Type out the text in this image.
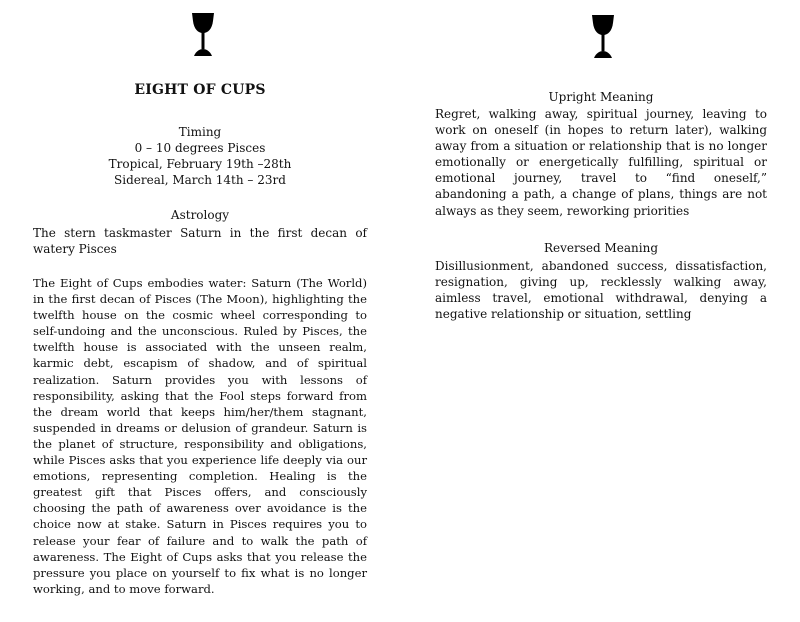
EIGHT OF CUPS
Timing
0 – 10 degrees Pisces
Tropical, February 19th –28th
Sidereal, March 14th – 23rd
Astrology

The stern taskmaster Saturn in the first decan of watery Pisces

The Eight of Cups embodies water: Saturn (The World) in the first decan of Pisces (The Moon), highlighting the twelfth house on the cosmic wheel corresponding to self-undoing and the unconscious. Ruled by Pisces, the twelfth house is associated with the unseen realm, karmic debt, escapism of shadow, and of spiritual realization. Saturn provides you with lessons of responsibility, asking that the Fool steps forward from the dream world that keeps him/her/them stagnant, suspended in dreams or delusion of grandeur. Saturn is the planet of structure, responsibility and obligations, while Pisces asks that you experience life deeply via our emotions, representing completion. Healing is the greatest gift that Pisces offers, and consciously choosing the path of awareness over avoidance is the choice now at stake. Saturn in Pisces requires you to release your fear of failure and to walk the path of awareness. The Eight of Cups asks that you release the pressure you place on yourself to fix what is no longer working, and to move forward.

Upright Meaning

Regret, walking away, spiritual journey, leaving to work on oneself (in hopes to return later), walking away from a situation or relationship that is no longer emotionally or energetically fulfilling, spiritual or emotional journey, travel to “find oneself,” abandoning a path, a change of plans, things are not always as they seem, reworking priorities

Reversed Meaning

Disillusionment, abandoned success, dissatisfaction, resignation, giving up, recklessly walking away, aimless travel, emotional withdrawal, denying a negative relationship or situation, settling
